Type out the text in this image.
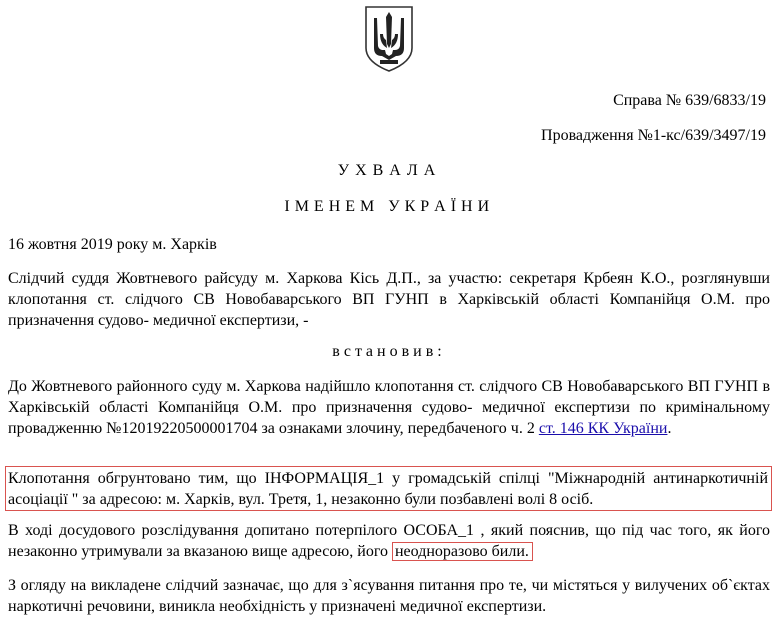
Справа № 639/6833/19
Провадження №1-кс/639/3497/19
У Х В А Л А
І М Е Н Е М   У К Р А Ї Н И
16 жовтня 2019 року м. Харків
Слідчий суддя Жовтневого райсуду м. Харкова Кісь Д.П., за участю: секретаря Крбеян К.О., розглянувши клопотання ст. слідчого СВ Новобаварського ВП ГУНП в Харківській області Компанійця О.М. про призначення судово- медичної експертизи, -
в с т а н о в и в :
До Жовтневого районного суду м. Харкова надійшло клопотання ст. слідчого СВ Новобаварського ВП ГУНП в Харківській області Компанійця О.М. про призначення судово- медичної експертизи по кримінальному провадженню №12019220500001704 за ознаками злочину, передбаченого ч. 2 ст. 146 КК України.
Клопотання обгрунтовано тим, що ІНФОРМАЦІЯ_1 у громадській спілці "Міжнародній антинаркотичній асоціації " за адресою: м. Харків, вул. Третя, 1, незаконно були позбавлені волі 8 осіб.
В ході досудового розслідування допитано потерпілого ОСОБА_1 , який пояснив, що під час того, як його незаконно утримували за вказаною вище адресою, його неодноразово били.
З огляду на викладене слідчий зазначає, що для з`ясування питання про те, чи містяться у вилучених об`єктах наркотичні речовини, виникла необхідність у призначені медичної експертизи.
